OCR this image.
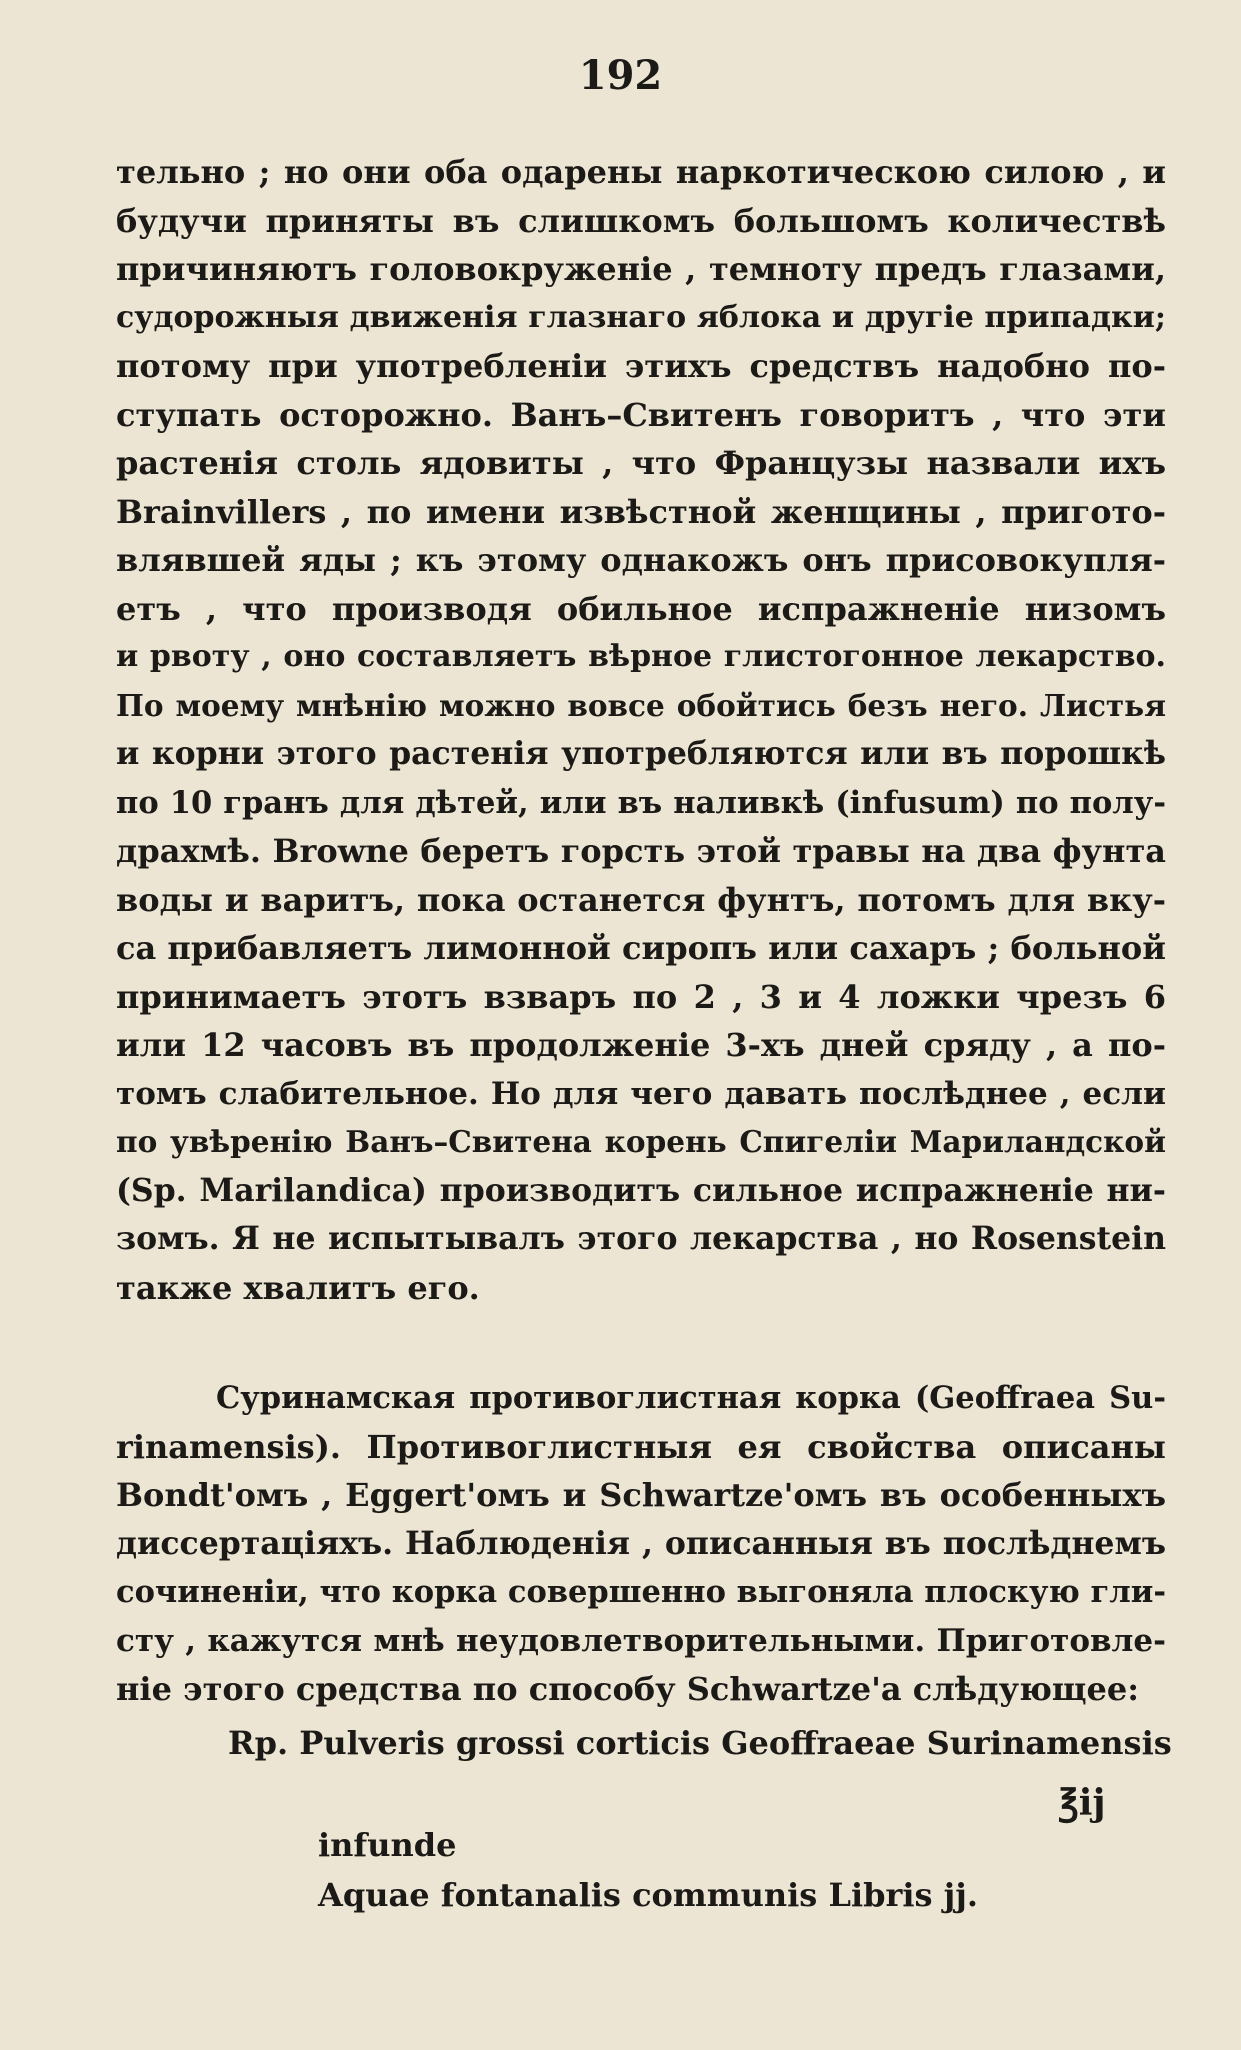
192
тельно ; но они оба одарены наркотическою силою , и
будучи приняты въ слишкомъ большомъ количествѣ
причиняютъ головокруженіе , темноту предъ глазами,
судорожныя движенія глазнаго яблока и другіе припадки;
потому при употребленіи этихъ средствъ надобно по-
ступать осторожно. Ванъ–Свитенъ говоритъ , что эти
растенія столь ядовиты , что Французы назвали ихъ
Brainvillers , по имени извѣстной женщины , пригото-
влявшей яды ; къ этому однакожъ онъ присовокупля-
етъ , что производя обильное испражненіе низомъ
и рвоту , оно составляетъ вѣрное глистогонное лекарство.
По моему мнѣнію можно вовсе обойтись безъ него. Листья
и корни этого растенія употребляются или въ порошкѣ
по 10 гранъ для дѣтей, или въ наливкѣ (infusum) по полу-
драхмѣ. Browne беретъ горсть этой травы на два фунта
воды и варитъ, пока останется фунтъ, потомъ для вку-
са прибавляетъ лимонной сиропъ или сахаръ ; больной
принимаетъ этотъ взваръ по 2 , 3 и 4 ложки чрезъ 6
или 12 часовъ въ продолженіе 3-хъ дней сряду , а по-
томъ слабительное. Но для чего давать послѣднее , если
по увѣренію Ванъ–Свитена корень Спигеліи Марилaндской
(Sp. Marilandica) производитъ сильное испражненіе ни-
зомъ. Я не испытывалъ этого лекарства , но Rosenstein
также хвалитъ его.
Суринамская противоглистная корка (Geoffraea Su-
rinamensis). Противоглистныя ея свойства описаны
Bondt'омъ , Eggert'омъ и Schwartze'омъ въ особенныхъ
диссертаціяхъ. Наблюденія , описанныя въ послѣднемъ
сочиненіи, что корка совершенно выгоняла плоскую гли-
сту , кажутся мнѣ неудовлетворительными. Приготовле-
ніе этого средства по способу Schwartze'а слѣдующее:
Rp. Pulveris grossi corticis Geoffraeae Surinamensis
℥ij
infunde
Aquae fontanalis communis Libris jj.
